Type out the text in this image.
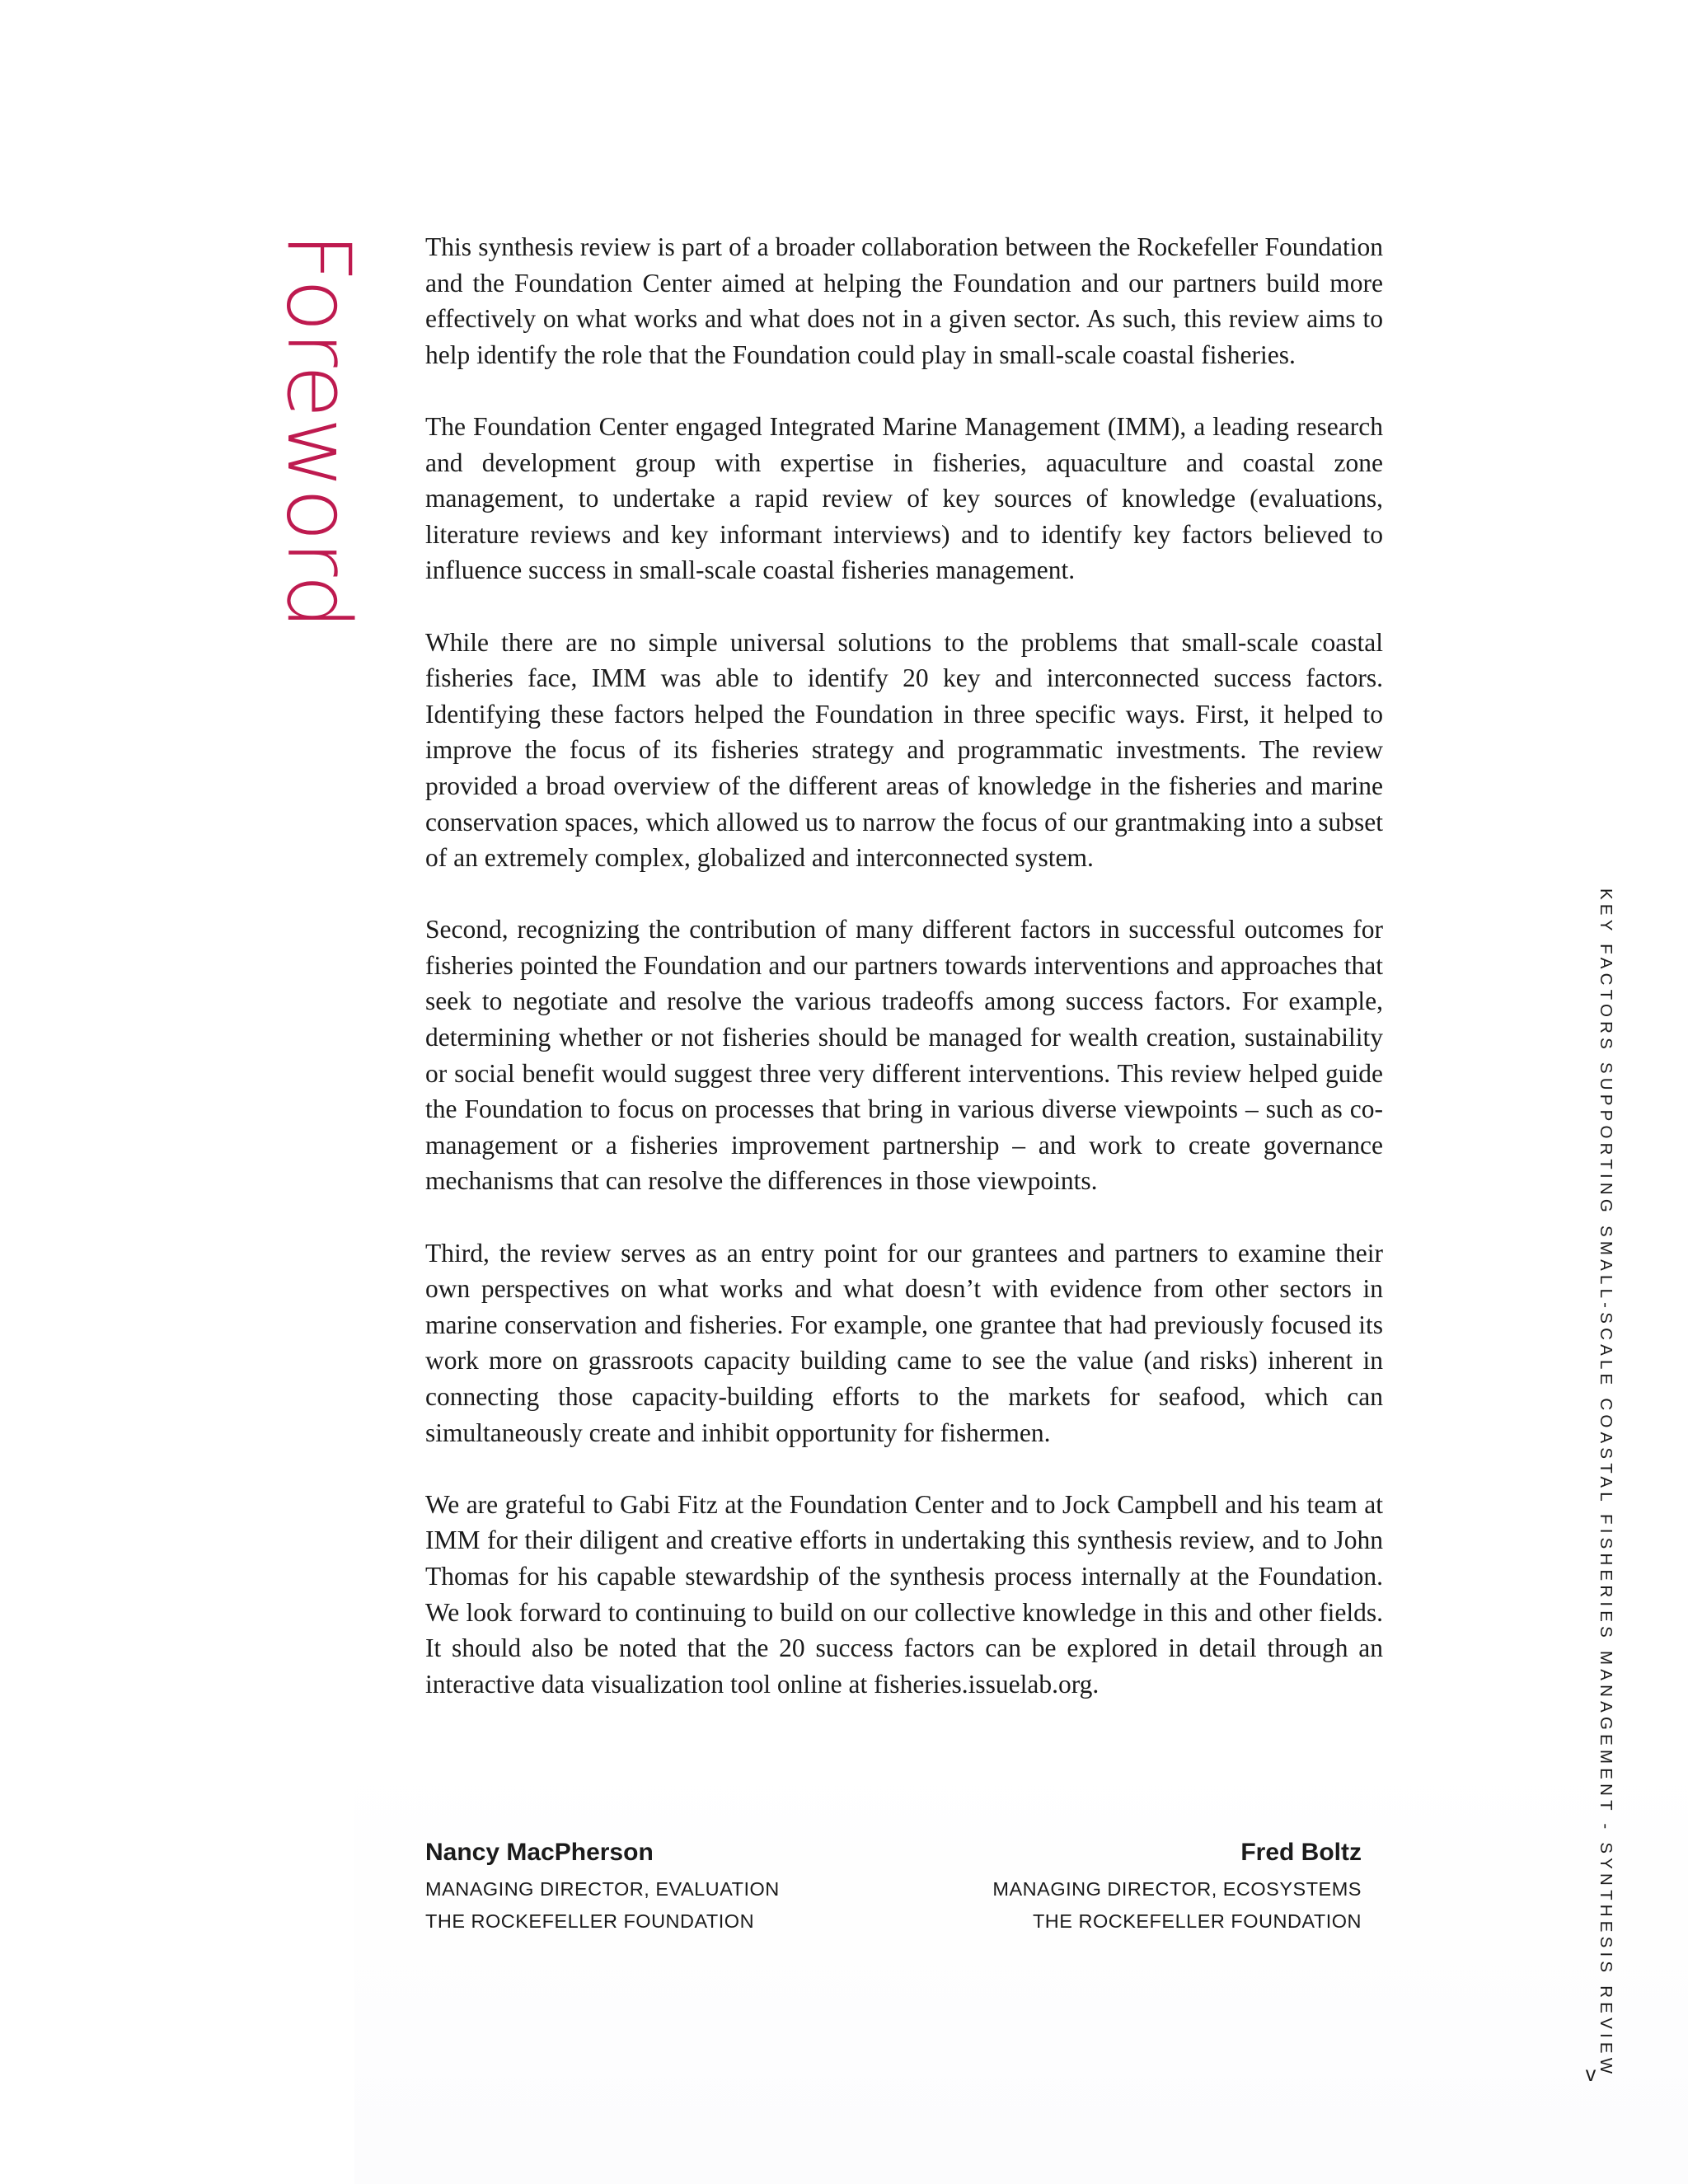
Foreword This synthesis review is part of a broader collaboration between the Rockefeller Foundation and the Foundation Center aimed at helping the Foundation and our partners build more effectively on what works and what does not in a given sector. As such, this review aims to help identify the role that the Foundation could play in small-scale coastal fisheries.

The Foundation Center engaged Integrated Marine Management (IMM), a leading research and development group with expertise in fisheries, aquaculture and coastal zone management, to undertake a rapid review of key sources of knowledge (evaluations, literature reviews and key informant interviews) and to identify key factors believed to influence success in small-scale coastal fisheries management.

While there are no simple universal solutions to the problems that small-scale coastal fisheries face, IMM was able to identify 20 key and interconnected success factors. Identifying these factors helped the Foundation in three specific ways. First, it helped to improve the focus of its fisheries strategy and programmatic investments. The review provided a broad overview of the different areas of knowledge in the fisheries and marine conservation spaces, which allowed us to narrow the focus of our grantmaking into a subset of an extremely complex, globalized and interconnected system.

Second, recognizing the contribution of many different factors in successful outcomes for fisheries pointed the Foundation and our partners towards interventions and approaches that seek to negotiate and resolve the various tradeoffs among success factors. For example, determining whether or not fisheries should be managed for wealth creation, sustainability or social benefit would suggest three very different interventions. This review helped guide the Foundation to focus on processes that bring in various diverse viewpoints – such as co-management or a fisheries improvement partnership – and work to create governance mechanisms that can resolve the differences in those viewpoints.

Third, the review serves as an entry point for our grantees and partners to examine their own perspectives on what works and what doesn’t with evidence from other sectors in marine conservation and fisheries. For example, one grantee that had previously focused its work more on grassroots capacity building came to see the value (and risks) inherent in connecting those capacity-building efforts to the markets for seafood, which can simultaneously create and inhibit opportunity for fishermen.

We are grateful to Gabi Fitz at the Foundation Center and to Jock Campbell and his team at IMM for their diligent and creative efforts in undertaking this synthesis review, and to John Thomas for his capable stewardship of the synthesis process internally at the Foundation. We look forward to continuing to build on our collective knowledge in this and other fields. It should also be noted that the 20 success factors can be explored in detail through an interactive data visualization tool online at fisheries.issuelab.org.

Nancy MacPherson
MANAGING DIRECTOR, EVALUATION
THE ROCKEFELLER FOUNDATION
Fred Boltz
MANAGING DIRECTOR, ECOSYSTEMS
THE ROCKEFELLER FOUNDATION	KEY FACTORS SUPPORTING SMALL-SCALE COASTAL FISHERIES MANAGEMENT - SYNTHESIS REVIEW
v
